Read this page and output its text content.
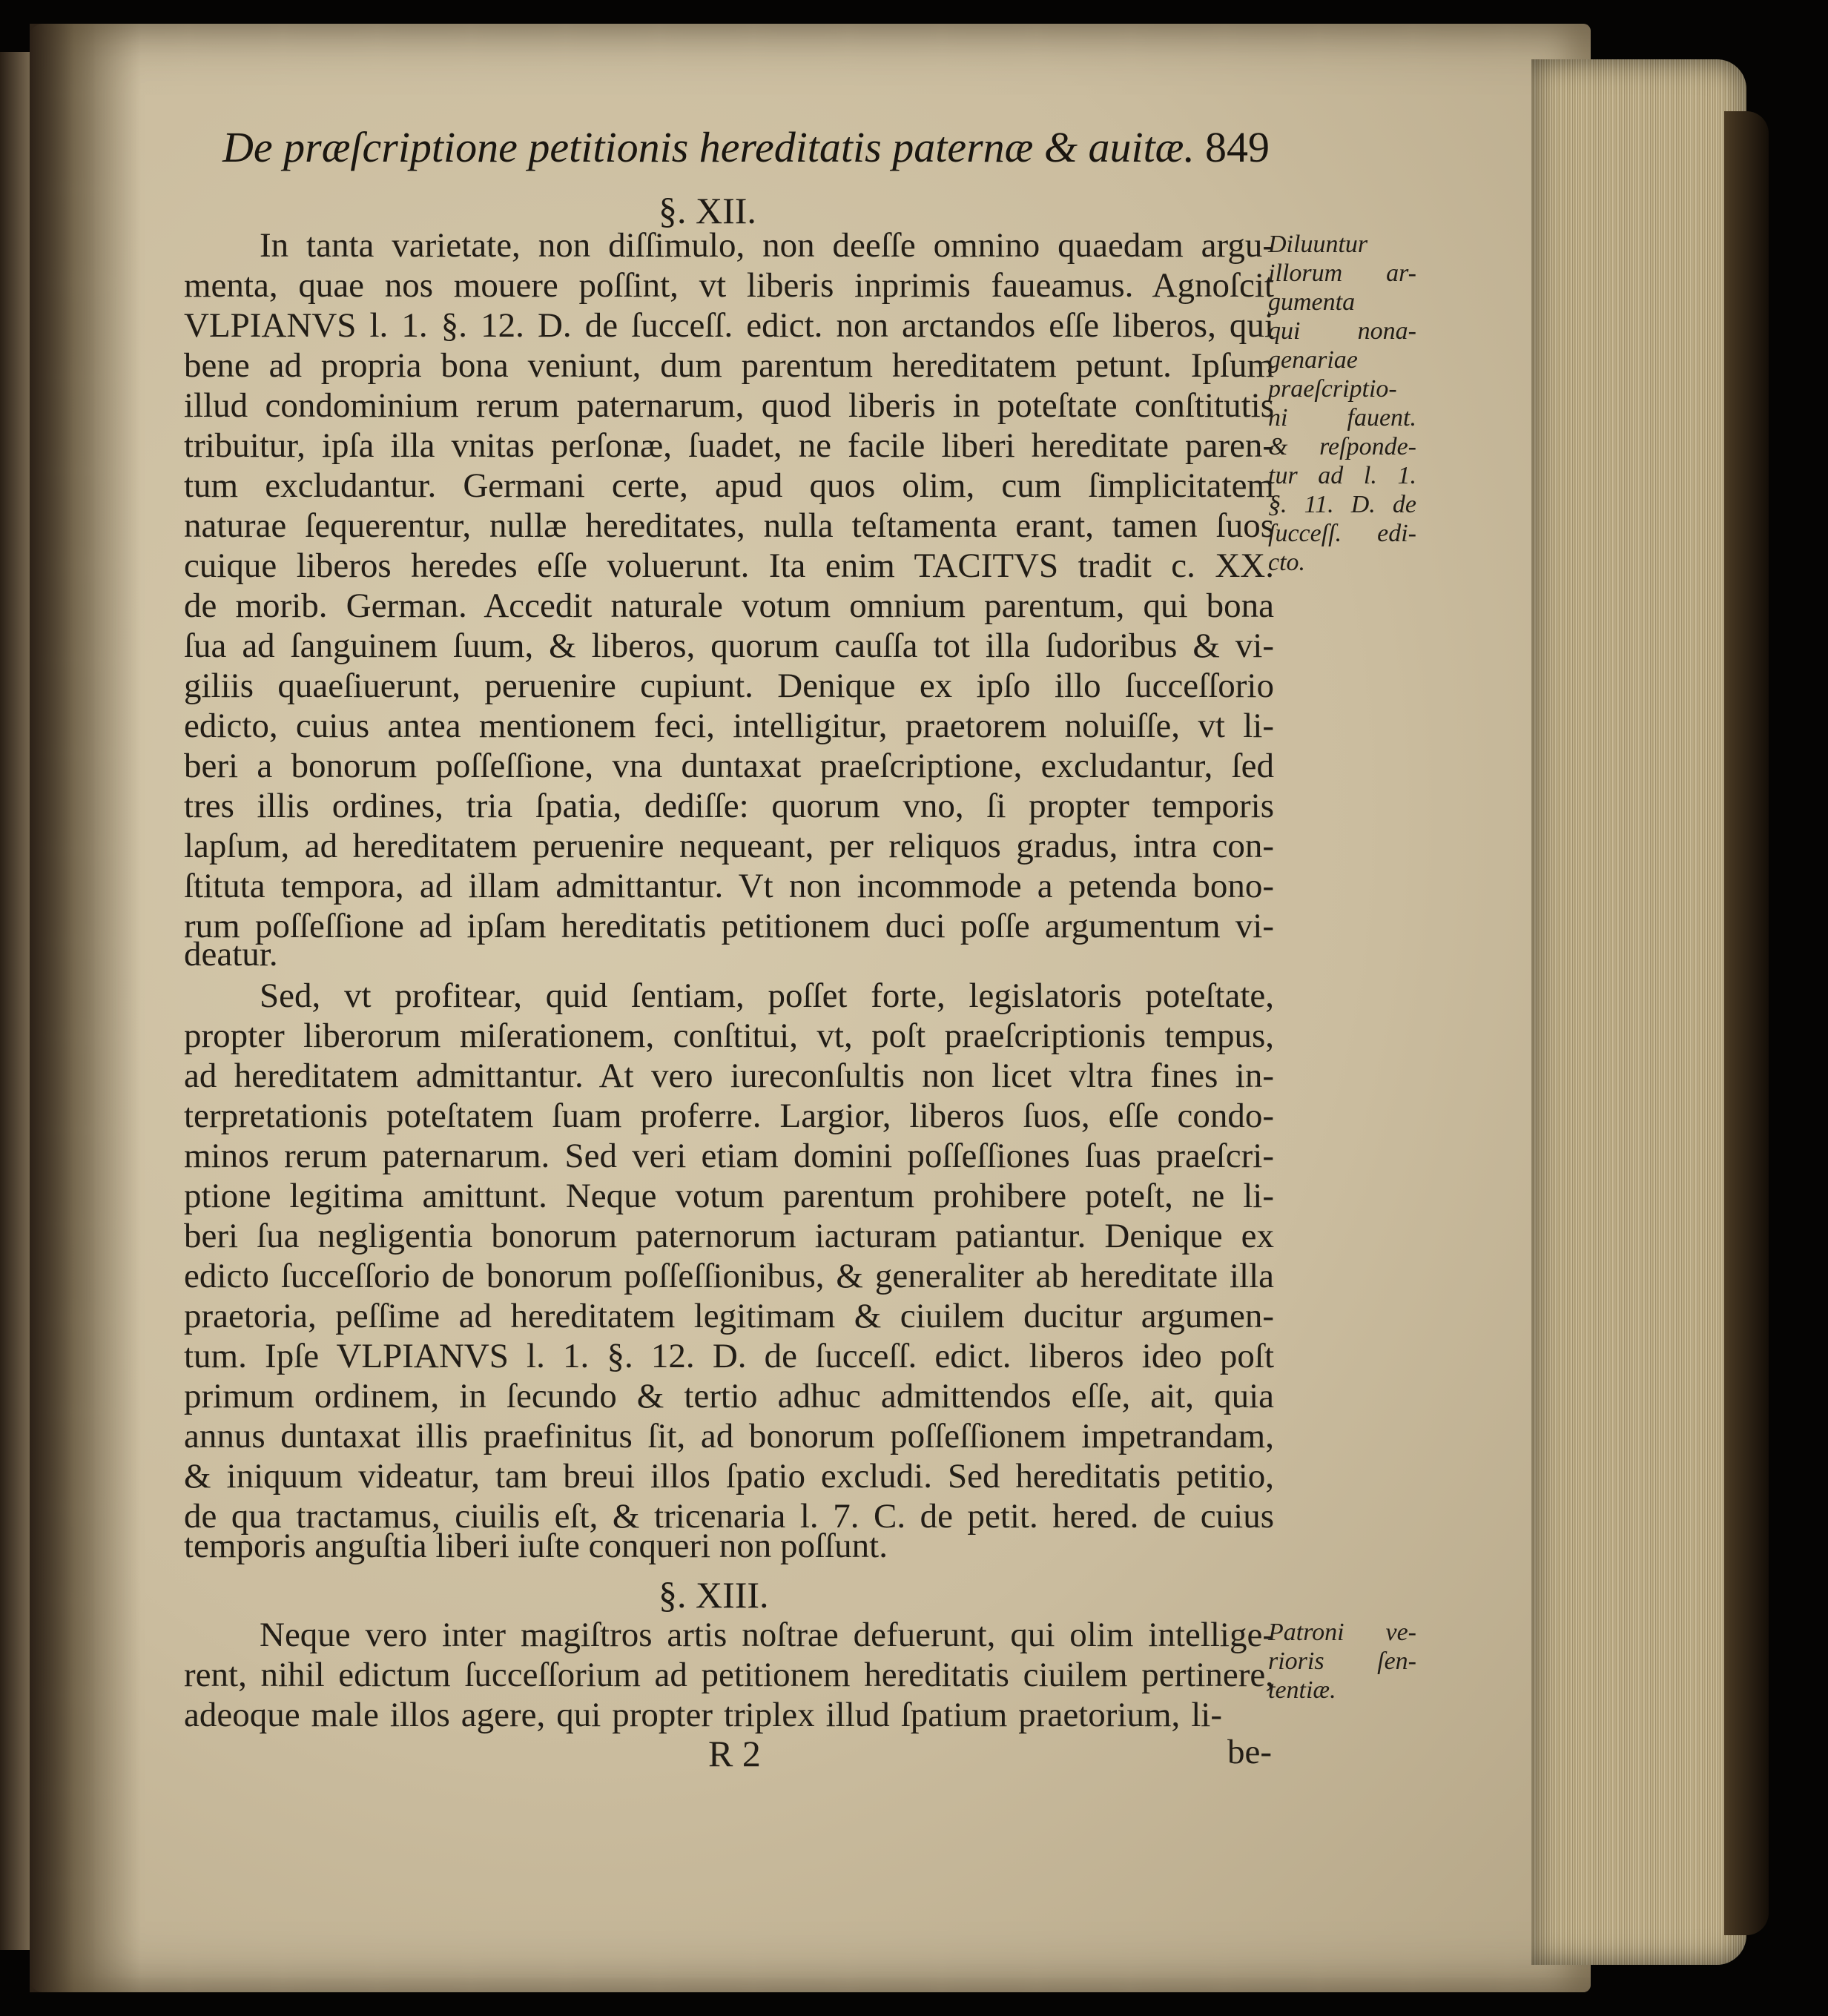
De præſcriptione petitionis hereditatis paternæ & auitæ. 849
§. XII.
In tanta varietate, non diſſimulo, non deeſſe omnino quaedam argu-
menta, quae nos mouere poſſint, vt liberis inprimis faueamus. Agnoſcit
VLPIANVS l. 1. §. 12. D. de ſucceſſ. edict. non arctandos eſſe liberos, qui
bene ad propria bona veniunt, dum parentum hereditatem petunt. Ipſum
illud condominium rerum paternarum, quod liberis in poteſtate conſtitutis
tribuitur, ipſa illa vnitas perſonæ, ſuadet, ne facile liberi hereditate paren-
tum excludantur. Germani certe, apud quos olim, cum ſimplicitatem
naturae ſequerentur, nullæ hereditates, nulla teſtamenta erant, tamen ſuos
cuique liberos heredes eſſe voluerunt. Ita enim TACITVS tradit c. XX.
de morib. German. Accedit naturale votum omnium parentum, qui bona
ſua ad ſanguinem ſuum, & liberos, quorum cauſſa tot illa ſudoribus & vi-
giliis quaeſiuerunt, peruenire cupiunt. Denique ex ipſo illo ſucceſſorio
edicto, cuius antea mentionem feci, intelligitur, praetorem noluiſſe, vt li-
beri a bonorum poſſeſſione, vna duntaxat praeſcriptione, excludantur, ſed
tres illis ordines, tria ſpatia, dediſſe: quorum vno, ſi propter temporis
lapſum, ad hereditatem peruenire nequeant, per reliquos gradus, intra con-
ſtituta tempora, ad illam admittantur. Vt non incommode a petenda bono-
rum poſſeſſione ad ipſam hereditatis petitionem duci poſſe argumentum vi-
deatur.
Sed, vt profitear, quid ſentiam, poſſet forte, legislatoris poteſtate,
propter liberorum miſerationem, conſtitui, vt, poſt praeſcriptionis tempus,
ad hereditatem admittantur. At vero iureconſultis non licet vltra fines in-
terpretationis poteſtatem ſuam proferre. Largior, liberos ſuos, eſſe condo-
minos rerum paternarum. Sed veri etiam domini poſſeſſiones ſuas praeſcri-
ptione legitima amittunt. Neque votum parentum prohibere poteſt, ne li-
beri ſua negligentia bonorum paternorum iacturam patiantur. Denique ex
edicto ſucceſſorio de bonorum poſſeſſionibus, & generaliter ab hereditate illa
praetoria, peſſime ad hereditatem legitimam & ciuilem ducitur argumen-
tum. Ipſe VLPIANVS l. 1. §. 12. D. de ſucceſſ. edict. liberos ideo poſt
primum ordinem, in ſecundo & tertio adhuc admittendos eſſe, ait, quia
annus duntaxat illis praefinitus ſit, ad bonorum poſſeſſionem impetrandam,
& iniquum videatur, tam breui illos ſpatio excludi. Sed hereditatis petitio,
de qua tractamus, ciuilis eſt, & tricenaria l. 7. C. de petit. hered. de cuius
temporis anguſtia liberi iuſte conqueri non poſſunt.
Diluuntur
illorum ar-
gumenta
qui nona-
genariae
praeſcriptio-
ni fauent.
& reſponde-
tur ad l. 1.
§. 11. D. de
ſucceſſ. edi-
cto.
§. XIII.
Neque vero inter magiſtros artis noſtrae defuerunt, qui olim intellige-
rent, nihil edictum ſucceſſorium ad petitionem hereditatis ciuilem pertinere,
adeoque male illos agere, qui propter triplex illud ſpatium praetorium, li-
Patroni ve-
rioris ſen-
tentiæ.
R 2	be-
